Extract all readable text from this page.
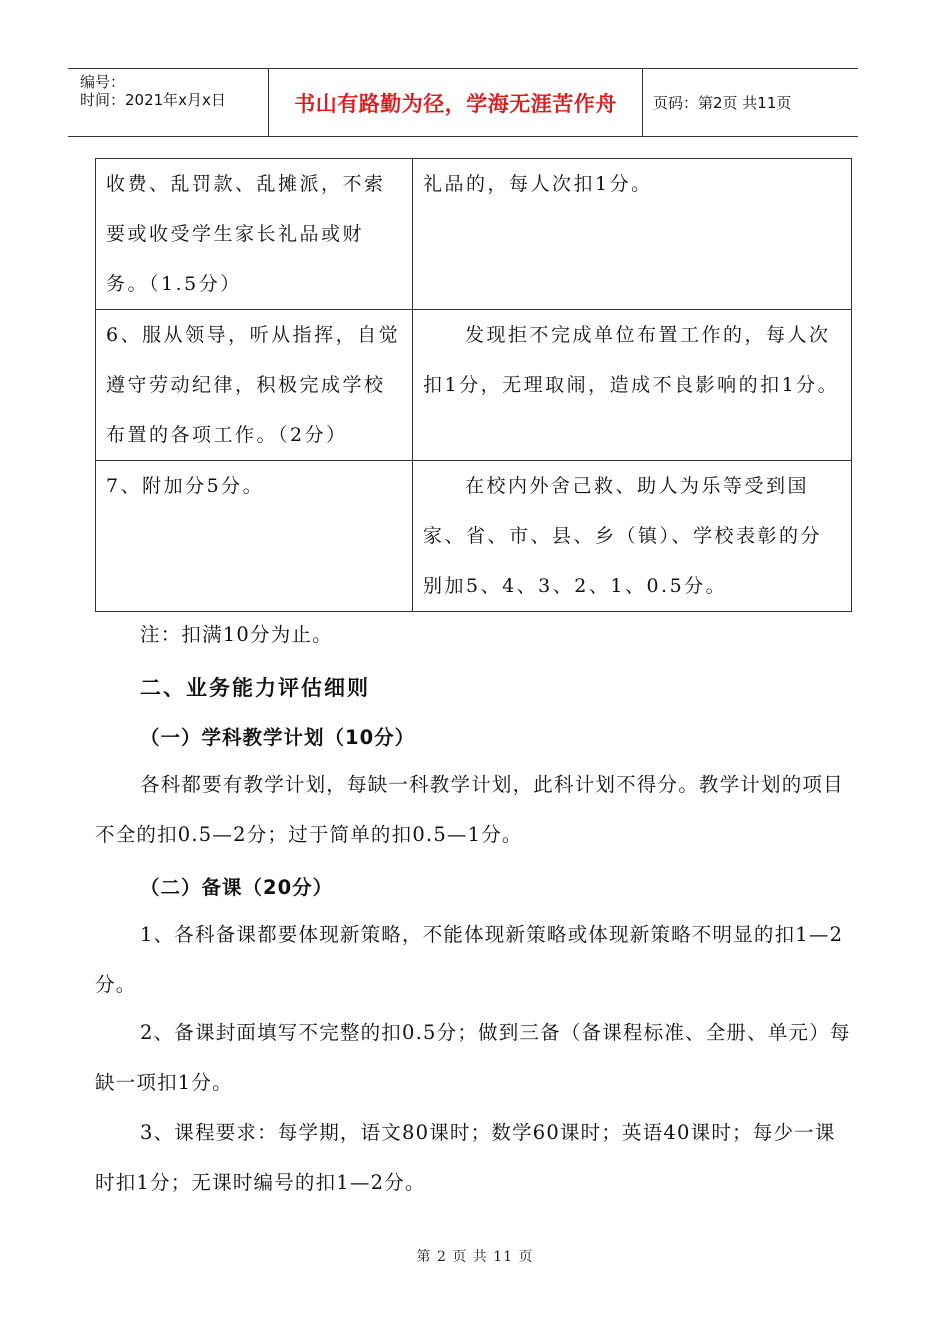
编号：
时间：2021年x月x日	书山有路勤为径，学海无涯苦作舟 页码：第2页 共11页
收费、乱罚款、乱摊派，不索要或收受学生家长礼品或财务。（1.5分）	礼品的，每人次扣1分。
6、服从领导，听从指挥，自觉遵守劳动纪律，积极完成学校布置的各项工作。（2分）	发现拒不完成单位布置工作的，每人次扣1分，无理取闹，造成不良影响的扣1分。
7、附加分5分。	在校内外舍己救、助人为乐等受到国家、省、市、县、乡（镇）、学校表彰的分别加5、4、3、2、1、0.5分。
注：扣满10分为止。
二、业务能力评估细则
（一）学科教学计划（10分）
各科都要有教学计划，每缺一科教学计划，此科计划不得分。教学计划的项目不全的扣0.5—2分；过于简单的扣0.5—1分。
（二）备课（20分）
1、各科备课都要体现新策略，不能体现新策略或体现新策略不明显的扣1—2分。
2、备课封面填写不完整的扣0.5分；做到三备（备课程标准、全册、单元）每缺一项扣1分。
3、课程要求：每学期，语文80课时；数学60课时；英语40课时；每少一课时扣1分；无课时编号的扣1—2分。
第 2 页 共 11 页
